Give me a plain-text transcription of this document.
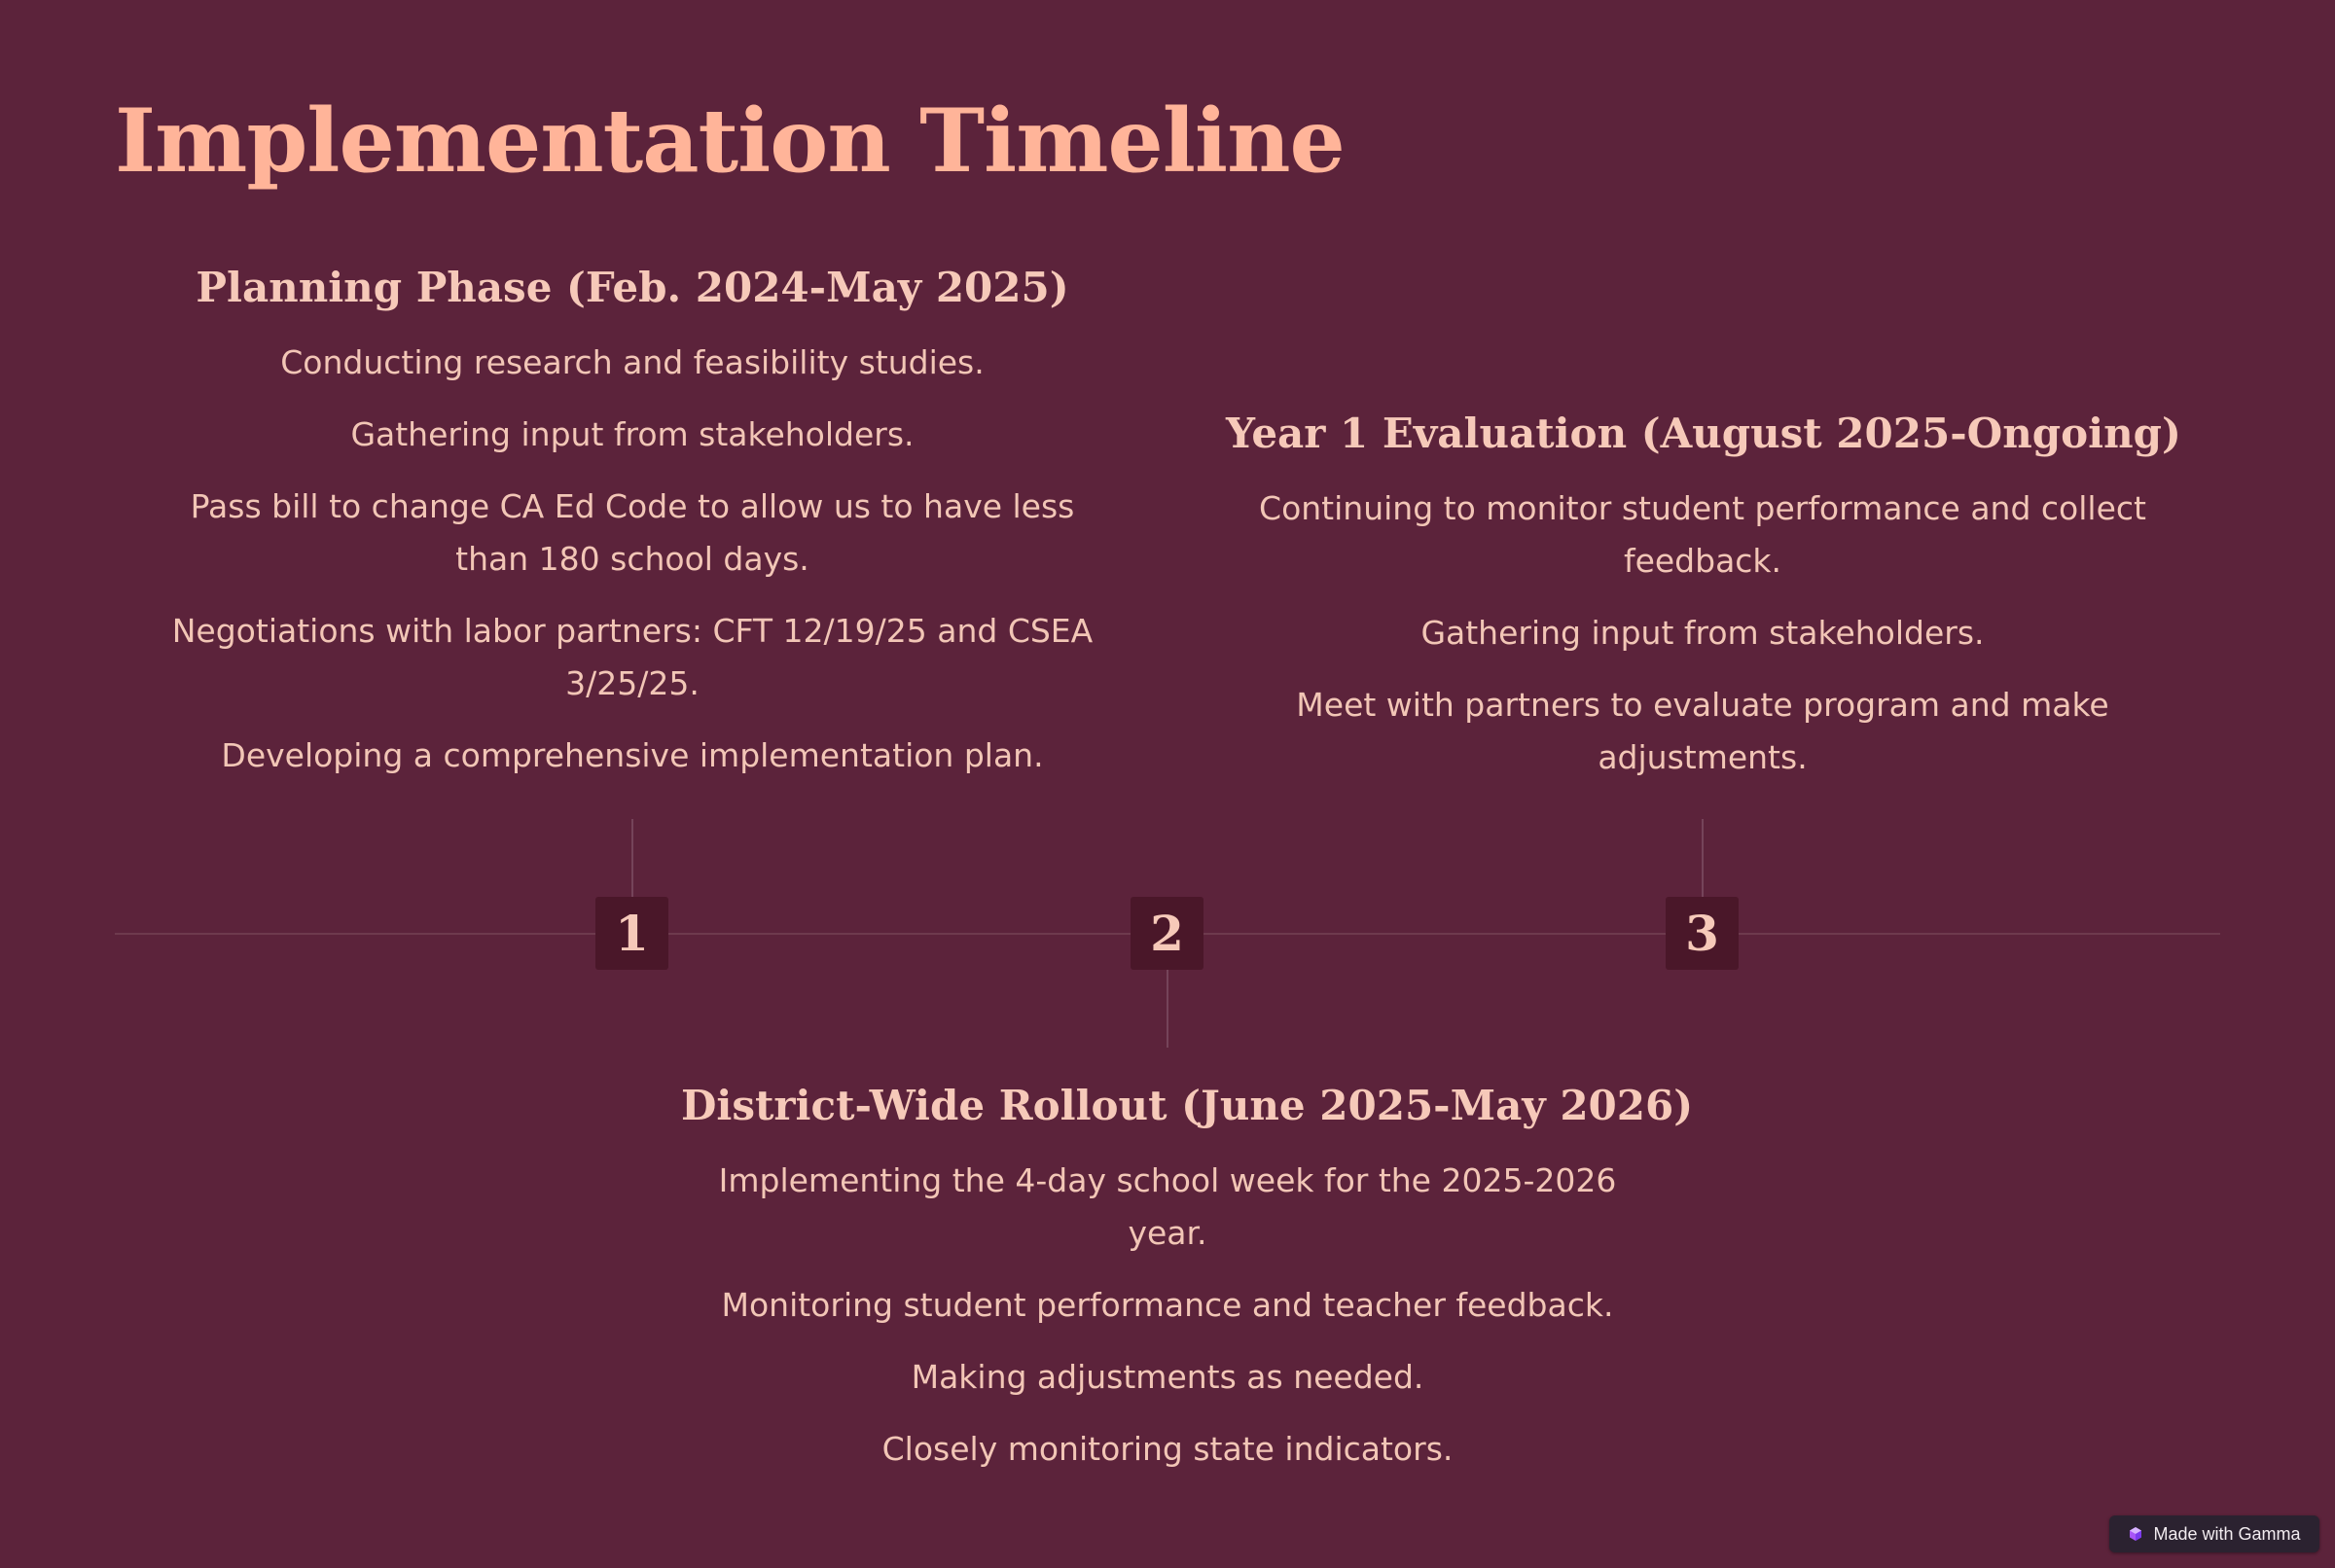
Implementation Timeline
Planning Phase (Feb. 2024-May 2025)

Conducting research and feasibility studies.

Gathering input from stakeholders.

Pass bill to change CA Ed Code to allow us to have less than 180 school days.

Negotiations with labor partners: CFT 12/19/25 and CSEA 3/25/25.

Developing a comprehensive implementation plan.

Year 1 Evaluation (August 2025-Ongoing)

Continuing to monitor student performance and collect feedback.

Gathering input from stakeholders.

Meet with partners to evaluate program and make adjustments.

1	2	3
District-Wide Rollout (June 2025-May 2026)

Implementing the 4-day school week for the 2025-2026 year.

Monitoring student performance and teacher feedback.

Making adjustments as needed.

Closely monitoring state indicators.

Made with Gamma
